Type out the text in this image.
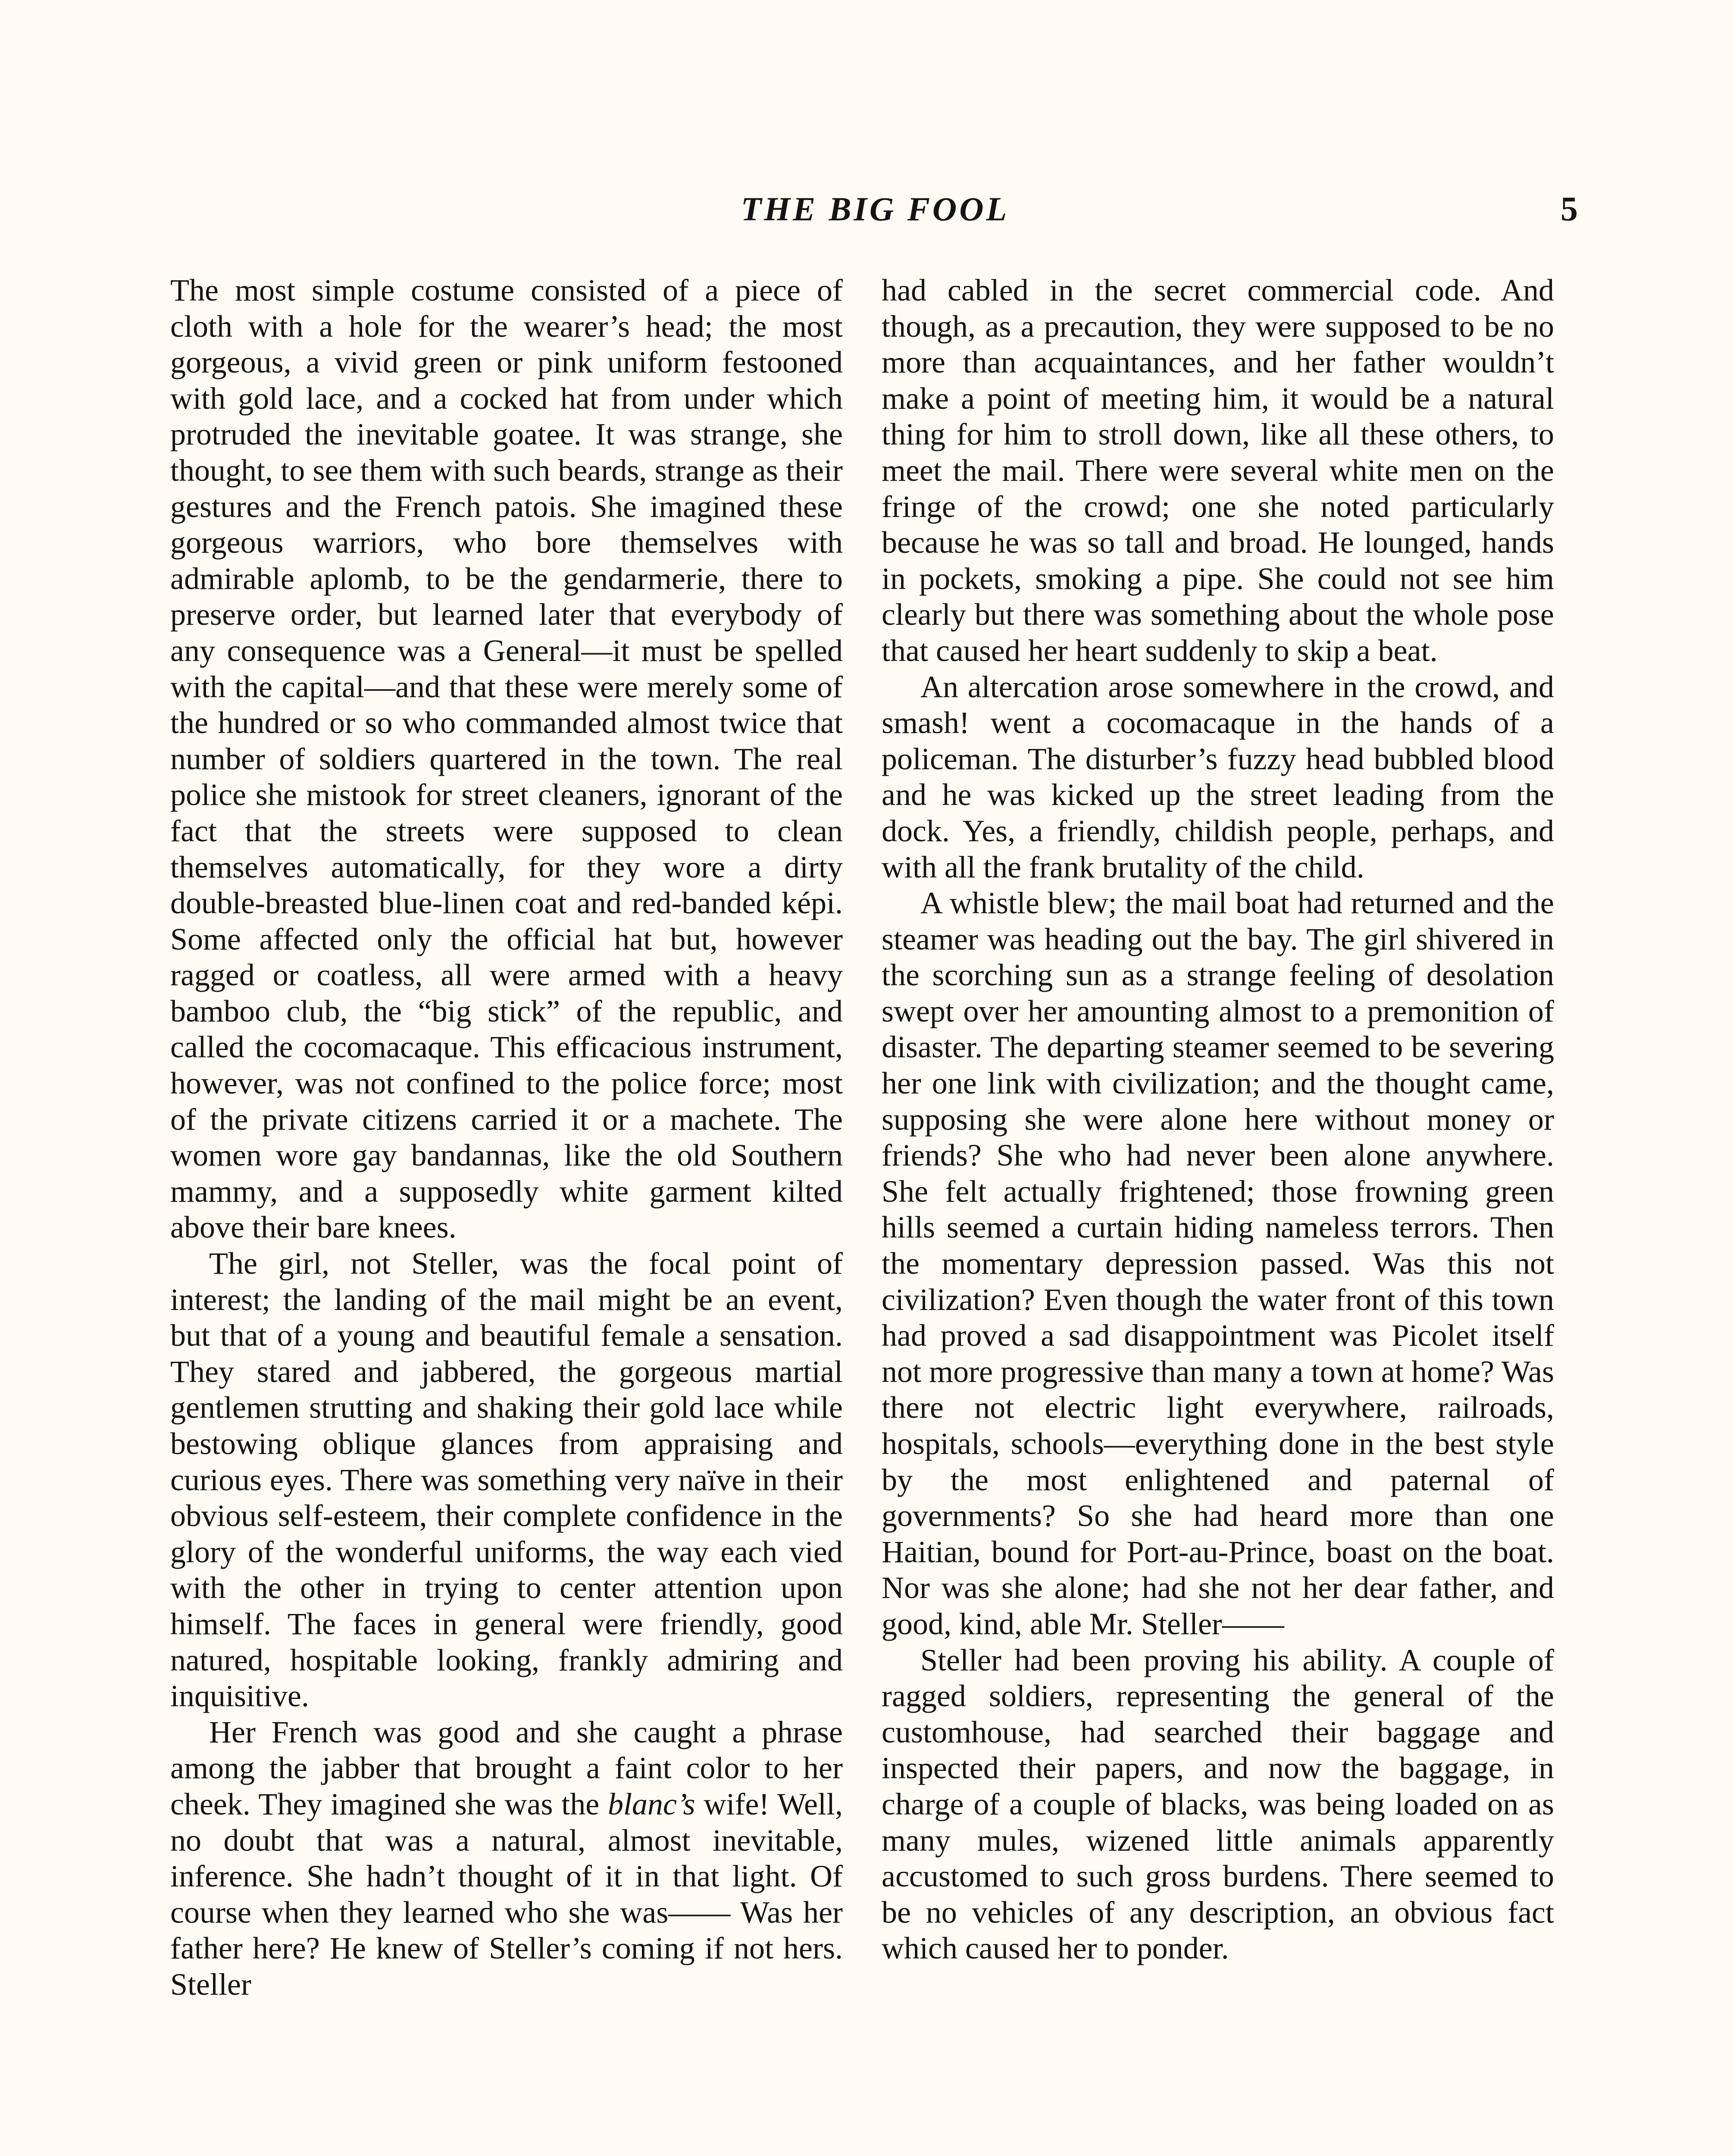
THE BIG FOOL	5

The most simple costume consisted of a piece of cloth with a hole for the wearer’s head; the most gorgeous, a vivid green or pink uniform festooned with gold lace, and a cocked hat from under which protruded the inevitable goatee. It was strange, she thought, to see them with such beards, strange as their gestures and the French patois. She imagined these gorgeous warriors, who bore themselves with admirable aplomb, to be the gendarmerie, there to preserve order, but learned later that everybody of any consequence was a General—it must be spelled with the capital—and that these were merely some of the hundred or so who commanded almost twice that number of soldiers quartered in the town. The real police she mistook for street cleaners, ignorant of the fact that the streets were supposed to clean themselves automatically, for they wore a dirty double-breasted blue-linen coat and red-banded képi. Some affected only the official hat but, however ragged or coatless, all were armed with a heavy bamboo club, the “big stick” of the republic, and called the cocomacaque. This efficacious instrument, however, was not confined to the police force; most of the private citizens carried it or a machete. The women wore gay bandannas, like the old Southern mammy, and a supposedly white garment kilted above their bare knees.

The girl, not Steller, was the focal point of interest; the landing of the mail might be an event, but that of a young and beautiful female a sensation. They stared and jabbered, the gorgeous martial gentlemen strutting and shaking their gold lace while bestowing oblique glances from appraising and curious eyes. There was something very naïve in their obvious self-esteem, their complete confidence in the glory of the wonderful uniforms, the way each vied with the other in trying to center attention upon himself. The faces in general were friendly, good natured, hospitable looking, frankly admiring and inquisitive.

Her French was good and she caught a phrase among the jabber that brought a faint color to her cheek. They imagined she was the blanc’s wife! Well, no doubt that was a natural, almost inevitable, inference. She hadn’t thought of it in that light. Of course when they learned who she was—— Was her father here? He knew of Steller’s coming if not hers. Steller

had cabled in the secret commercial code. And though, as a precaution, they were supposed to be no more than acquaintances, and her father wouldn’t make a point of meeting him, it would be a natural thing for him to stroll down, like all these others, to meet the mail. There were several white men on the fringe of the crowd; one she noted particularly because he was so tall and broad. He lounged, hands in pockets, smoking a pipe. She could not see him clearly but there was something about the whole pose that caused her heart suddenly to skip a beat.

An altercation arose somewhere in the crowd, and smash! went a cocomacaque in the hands of a policeman. The disturber’s fuzzy head bubbled blood and he was kicked up the street leading from the dock. Yes, a friendly, childish people, perhaps, and with all the frank brutality of the child.

A whistle blew; the mail boat had returned and the steamer was heading out the bay. The girl shivered in the scorching sun as a strange feeling of desolation swept over her amounting almost to a premonition of disaster. The departing steamer seemed to be severing her one link with civilization; and the thought came, supposing she were alone here without money or friends? She who had never been alone anywhere. She felt actually frightened; those frowning green hills seemed a curtain hiding nameless terrors. Then the momentary depression passed. Was this not civilization? Even though the water front of this town had proved a sad disappointment was Picolet itself not more progressive than many a town at home? Was there not electric light everywhere, railroads, hospitals, schools—everything done in the best style by the most enlightened and paternal of governments? So she had heard more than one Haitian, bound for Port-au-Prince, boast on the boat. Nor was she alone; had she not her dear father, and good, kind, able Mr. Steller——

Steller had been proving his ability. A couple of ragged soldiers, representing the general of the customhouse, had searched their baggage and inspected their papers, and now the baggage, in charge of a couple of blacks, was being loaded on as many mules, wizened little animals apparently accustomed to such gross burdens. There seemed to be no vehicles of any description, an obvious fact which caused her to ponder.
